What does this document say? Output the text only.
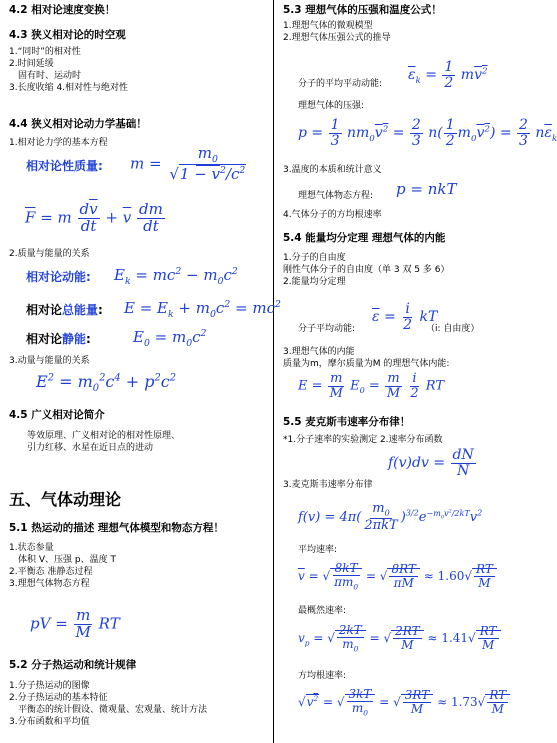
4.2 相对论速度变换！
4.3 狭义相对论的时空观
1.“同时”的相对性
2.时间延缓
固有时、运动时
3.长度收缩 4.相对性与绝对性
4.4 狭义相对论动力学基础！
1.相对论力学的基本方程
相对论性质量: $m = \frac{m_0}{√1 - v^2/c^2}$
$\overline{F} = m \frac{d\overline{v}}{dt} + \overline{v} \frac{dm}{dt}$
2.质量与能量的关系
相对论动能: $E_k = mc^2 - m_0c^2$
相对论总能量: $E = E_k + m_0c^2 = mc^2$
相对论静能:	$E_0 = m_0c^2$
3.动量与能量的关系
$E^2 = m_0^2c^4 + p^2c^2$
4.5 广义相对论简介
等效原理、广义相对论的相对性原理、
引力红移、水星在近日点的进动
五、气体动理论
5.1 热运动的描述 理想气体模型和物态方程！
1.状态参量
体积 V、压强 p、温度 T
2.平衡态 准静态过程
3.理想气体物态方程
pV = $\frac{m}{M}$ RT
5.2 分子热运动和统计规律
1.分子热运动的图像
2.分子热运动的基本特征
平衡态的统计假设、微观量、宏观量、统计方法
3.分布函数和平均值
5.3 理想气体的压强和温度公式！
1.理想气体的微观模型
2.理想气体压强公式的推导
分子的平均平动动能:
$\overline{\varepsilon}_k = \frac{1}{2} mv^2$
理想气体的压强:
$p = \frac{1}{3} nm_0v^2 = \frac{2}{3} n( \frac{1}{2} m_0v^2) = \frac{2}{3} n\overline{\varepsilon}_k$
3.温度的本质和统计意义
理想气体物态方程: p = nkT
4.气体分子的方均根速率
5.4 能量均分定理 理想气体的内能
1.分子的自由度
刚性气体分子的自由度（单 3 双 5 多 6）
2.能量均分定理
分子平均动能:
$\overline{\varepsilon} = \frac{i}{2}$ kT
（i: 自由度）
3.理想气体的内能
质量为m，摩尔质量为M 的理想气体内能:
$E = \frac{m}{M} E_0 = \frac{m}{M}$
$\frac{i}{2}$ RT
5.5 麦克斯韦速率分布律！
*1.分子速率的实验测定 2.速率分布函数
$f(v)dv = \frac{dN}{N}$
3.麦克斯韦速率分布律
$f(v) = 4\pi( \frac{m_0}{\text{2πkT}} )^{3/2}e^{-m_0v^2/2kT}v^2$
平均速率:
$\overline{v}$ = √ $\frac{8kT}{\pi m_0}$ = √ $\frac{8RT}{\pi M} \approx 1.60√ \frac{RT}{M}$
最概然速率:
$v_p$ = √ $\frac{2kT}{m_0}$ = √ $\frac{2RT}{M} \approx 1.41√ \frac{RT}{M}$
方均根速率:
$√v^2$ = √ $\frac{3kT}{m_0}$ = √ $\frac{3RT}{M} \approx 1.73√ \frac{RT}{M}$
